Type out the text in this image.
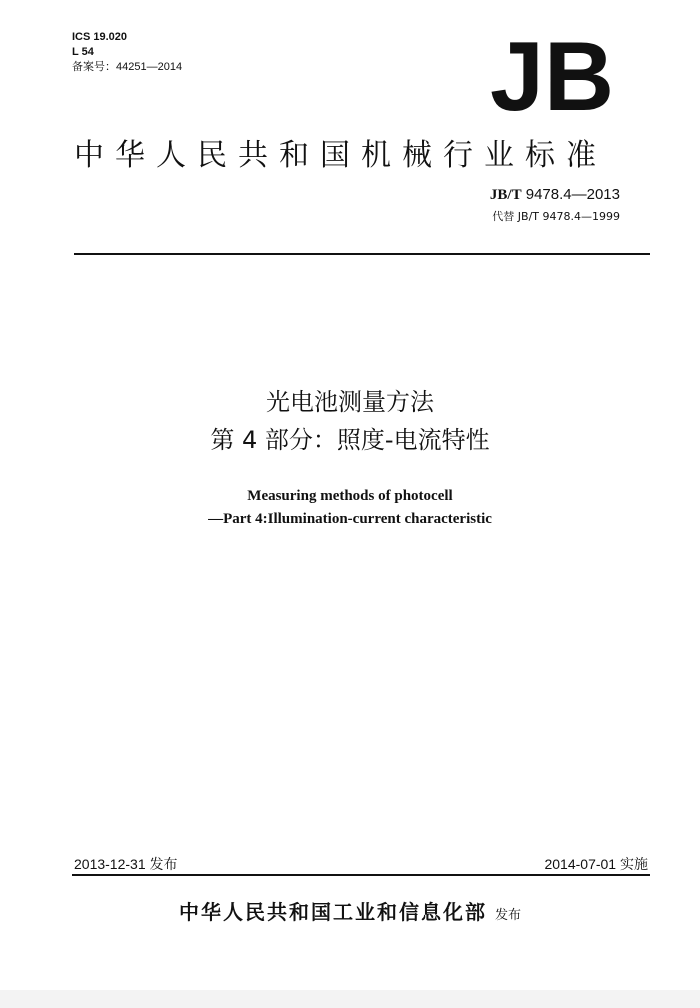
ICS 19.020
L 54
备案号：44251—2014	JB
中华人民共和国机械行业标准
JB/T 9478.4—2013
代替 JB/T 9478.4—1999
光电池测量方法
第 4 部分：照度-电流特性
Measuring methods of photocell
—Part 4:Illumination-current characteristic
2013-12-31 发布	2014-07-01 实施
中华人民共和国工业和信息化部 发布
